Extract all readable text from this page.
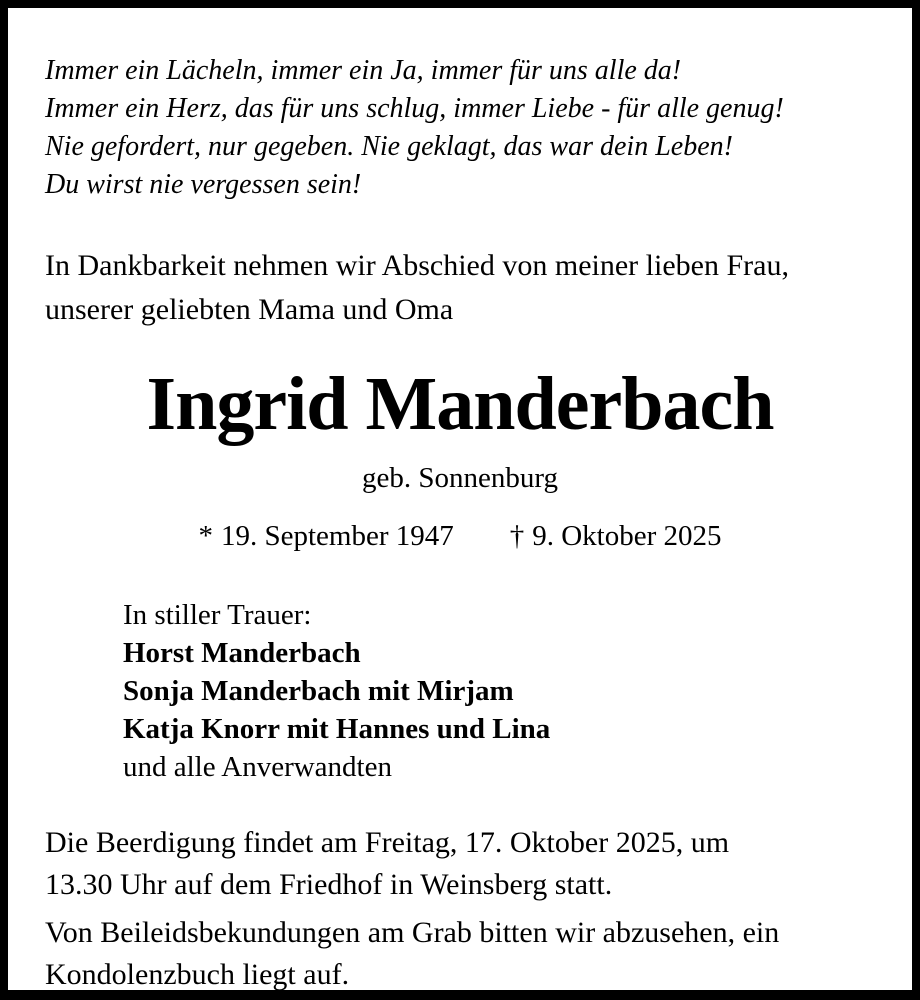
Immer ein Lächeln, immer ein Ja, immer für uns alle da!
Immer ein Herz, das für uns schlug, immer Liebe - für alle genug!
Nie gefordert, nur gegeben. Nie geklagt, das war dein Leben!
Du wirst nie vergessen sein!
In Dankbarkeit nehmen wir Abschied von meiner lieben Frau,
unserer geliebten Mama und Oma
Ingrid Manderbach
geb. Sonnenburg
* 19. September 1947 † 9. Oktober 2025
In stiller Trauer:
Horst Manderbach
Sonja Manderbach mit Mirjam
Katja Knorr mit Hannes und Lina
und alle Anverwandten
Die Beerdigung findet am Freitag, 17. Oktober 2025, um
13.30 Uhr auf dem Friedhof in Weinsberg statt.
Von Beileidsbekundungen am Grab bitten wir abzusehen, ein
Kondolenzbuch liegt auf.
